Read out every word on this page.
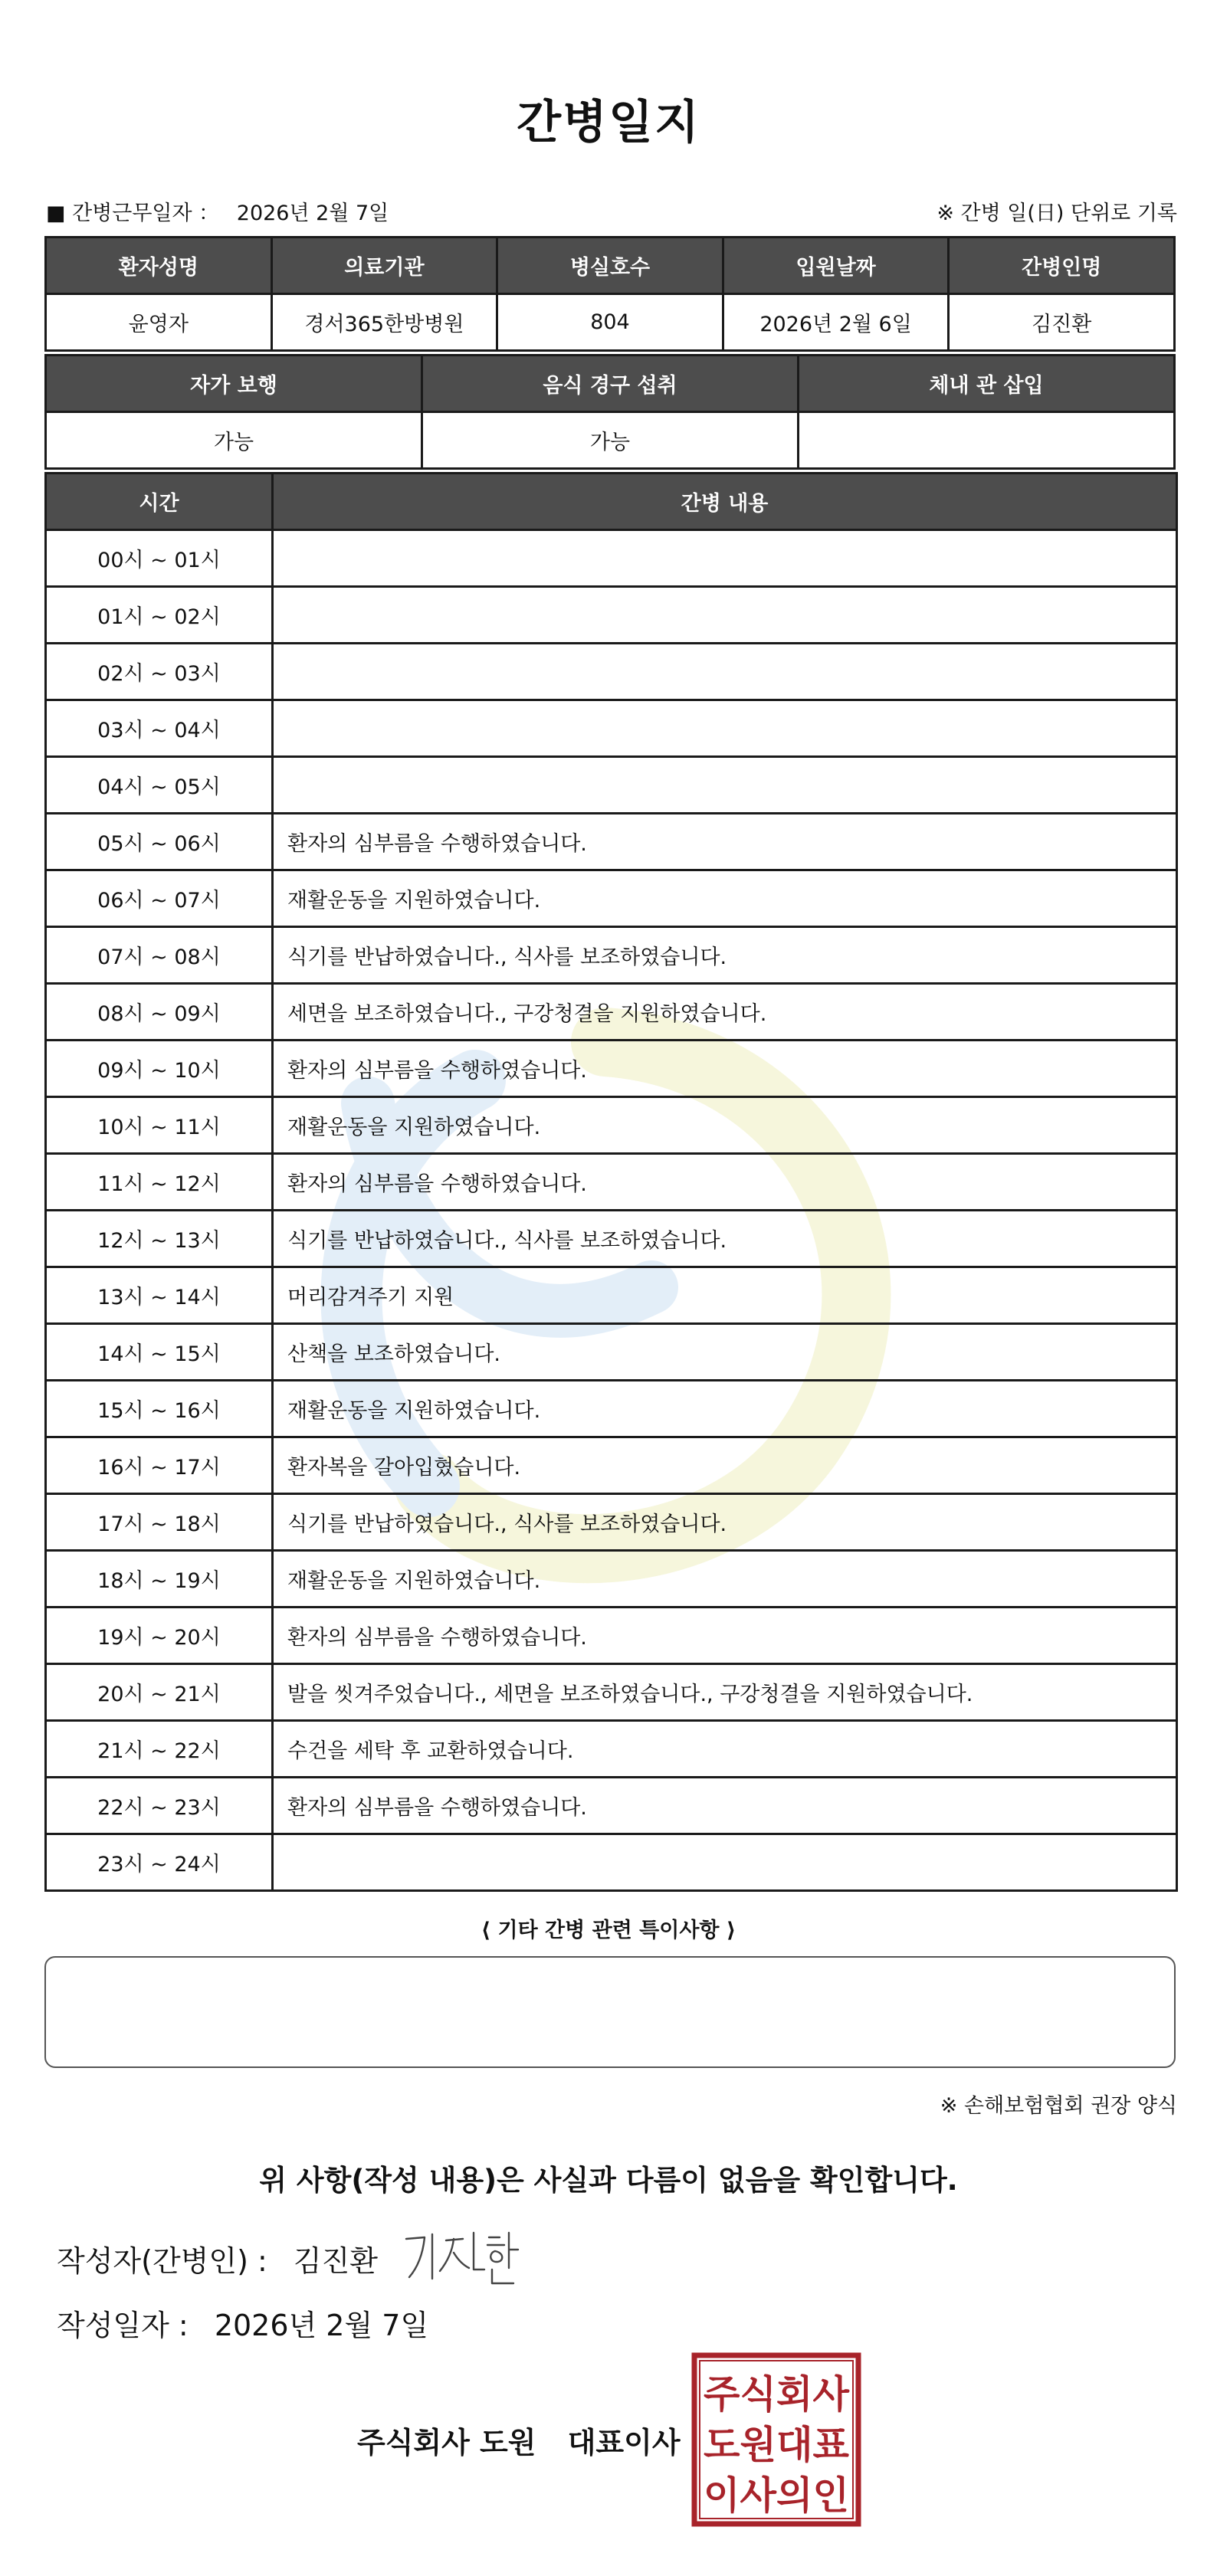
간병일지
■ 간병근무일자 ： 2026년 2월 7일	※ 간병 일(日) 단위로 기록
환자성명	의료기관	병실호수	입원날짜	간병인명
윤영자	경서365한방병원	804	2026년 2월 6일	김진환
자가 보행	음식 경구 섭취	체내 관 삽입
가능	가능	
시간	간병 내용
00시 ~ 01시	
01시 ~ 02시	
02시 ~ 03시	
03시 ~ 04시	
04시 ~ 05시	
05시 ~ 06시	환자의 심부름을 수행하였습니다.
06시 ~ 07시	재활운동을 지원하였습니다.
07시 ~ 08시	식기를 반납하였습니다., 식사를 보조하였습니다.
08시 ~ 09시	세면을 보조하였습니다., 구강청결을 지원하였습니다.
09시 ~ 10시	환자의 심부름을 수행하였습니다.
10시 ~ 11시	재활운동을 지원하였습니다.
11시 ~ 12시	환자의 심부름을 수행하였습니다.
12시 ~ 13시	식기를 반납하였습니다., 식사를 보조하였습니다.
13시 ~ 14시	머리감겨주기 지원
14시 ~ 15시	산책을 보조하였습니다.
15시 ~ 16시	재활운동을 지원하였습니다.
16시 ~ 17시	환자복을 갈아입혔습니다.
17시 ~ 18시	식기를 반납하였습니다., 식사를 보조하였습니다.
18시 ~ 19시	재활운동을 지원하였습니다.
19시 ~ 20시	환자의 심부름을 수행하였습니다.
20시 ~ 21시	발을 씻겨주었습니다., 세면을 보조하였습니다., 구강청결을 지원하였습니다.
21시 ~ 22시	수건을 세탁 후 교환하였습니다.
22시 ~ 23시	환자의 심부름을 수행하였습니다.
23시 ~ 24시	
⟨ 기타 간병 관련 특이사항 ⟩
※ 손해보험협회 권장 양식
위 사항(작성 내용)은 사실과 다름이 없음을 확인합니다.
작성자(간병인) : 김진환
작성일자 : 2026년 2월 7일
주식회사 도원 대표이사
주식회사
도원대표
이사의인
